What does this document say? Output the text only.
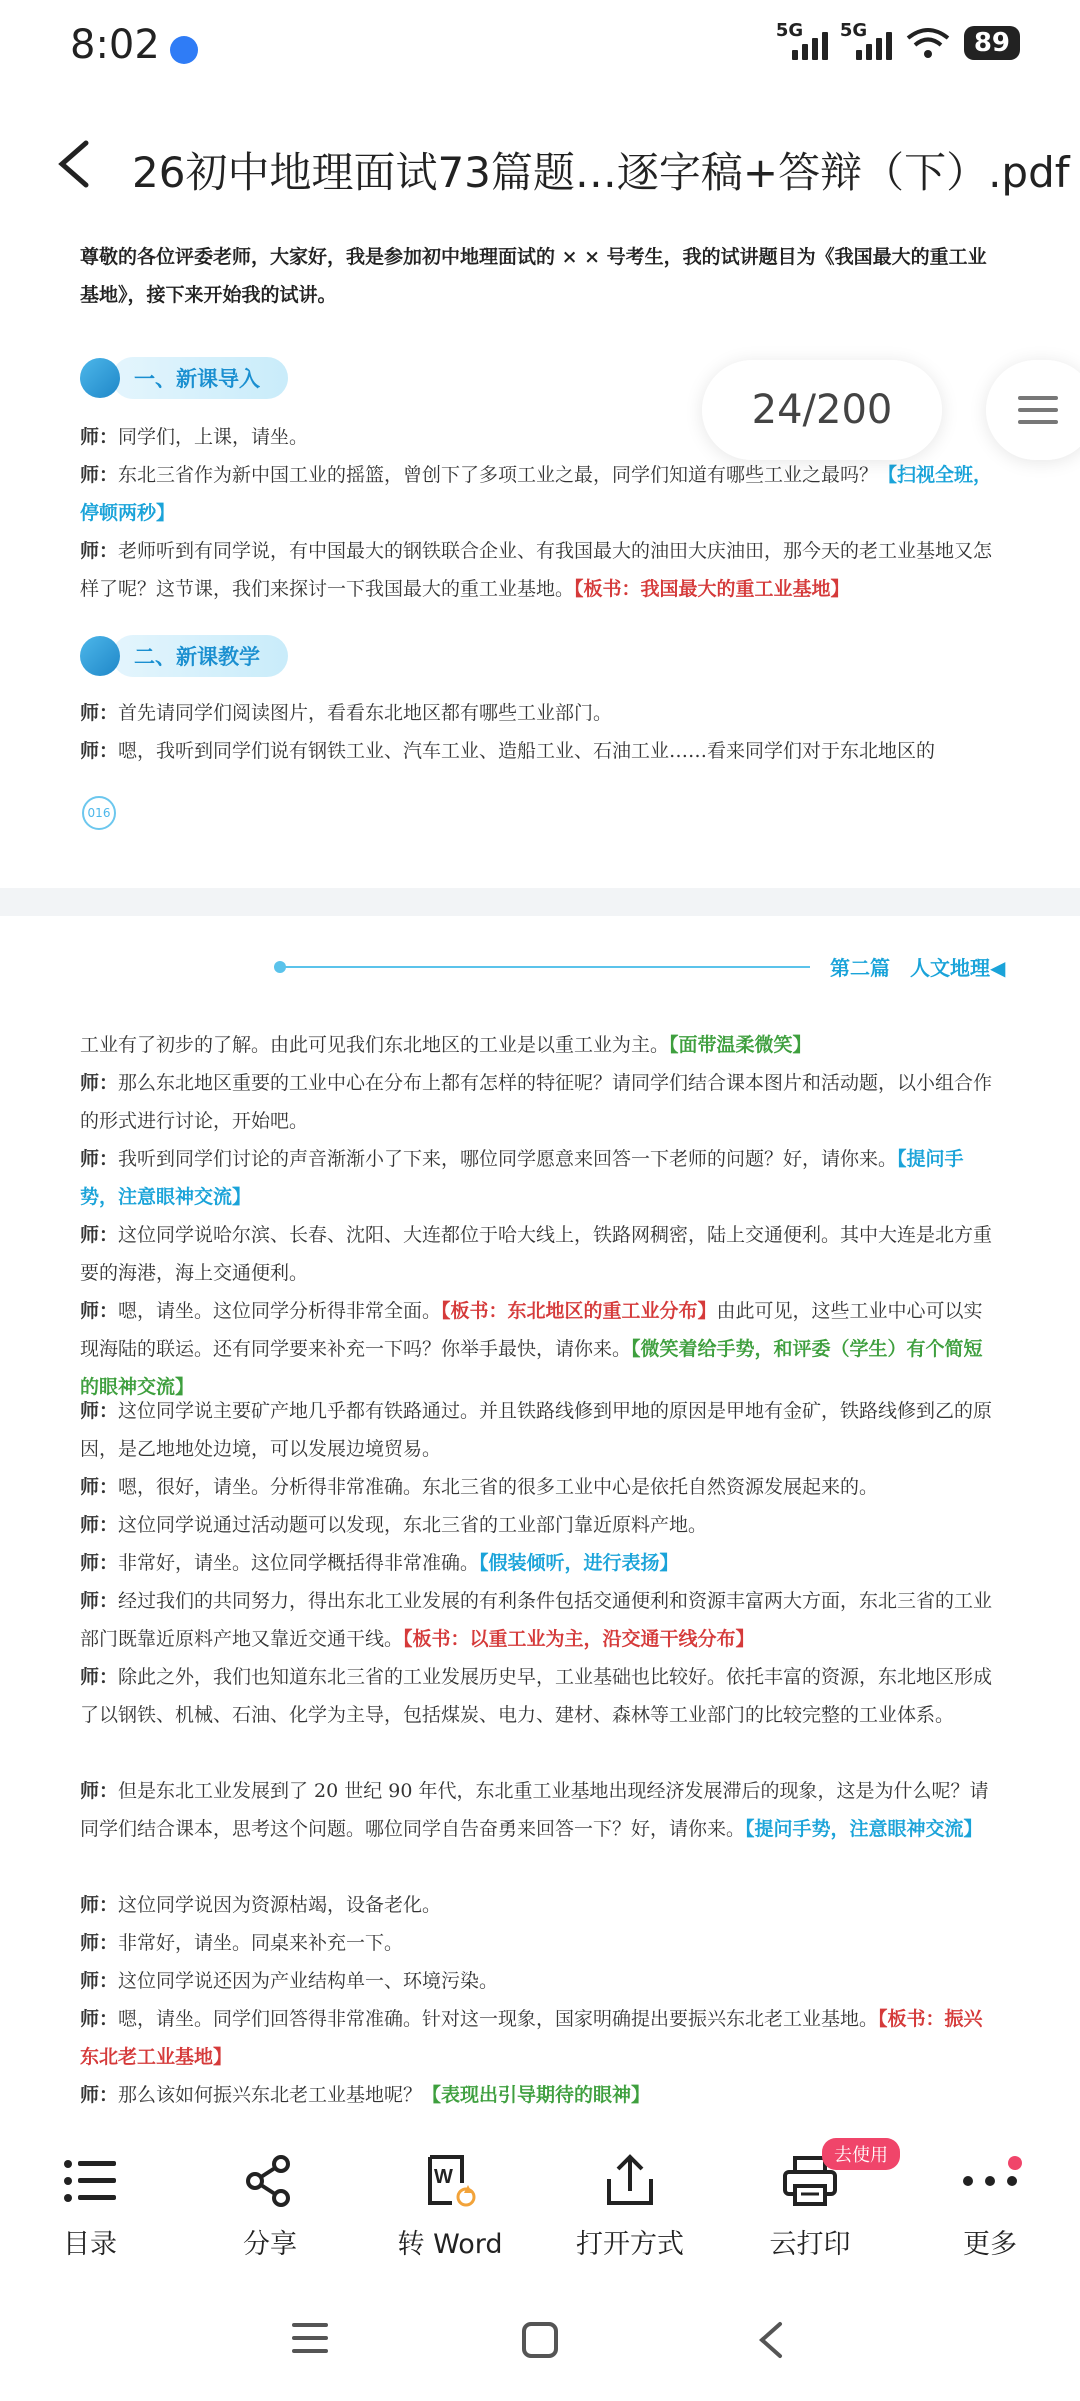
8:02	5G 5G	89
26初中地理面试73篇题…逐字稿+答辩（下）.pdf
尊敬的各位评委老师，大家好，我是参加初中地理面试的 × × 号考生，我的试讲题目为《我国最大的重工业基地》，接下来开始我的试讲。
一、新课导入
师：同学们，上课，请坐。
师：东北三省作为新中国工业的摇篮，曾创下了多项工业之最，同学们知道有哪些工业之最吗？【扫视全班，停顿两秒】
师：老师听到有同学说，有中国最大的钢铁联合企业、有我国最大的油田大庆油田，那今天的老工业基地又怎样了呢？这节课，我们来探讨一下我国最大的重工业基地。【板书：我国最大的重工业基地】
二、新课教学
师：首先请同学们阅读图片，看看东北地区都有哪些工业部门。
师：嗯，我听到同学们说有钢铁工业、汽车工业、造船工业、石油工业……看来同学们对于东北地区的
016
第二篇　人文地理◀
工业有了初步的了解。由此可见我们东北地区的工业是以重工业为主。【面带温柔微笑】
师：那么东北地区重要的工业中心在分布上都有怎样的特征呢？请同学们结合课本图片和活动题，以小组合作的形式进行讨论，开始吧。
师：我听到同学们讨论的声音渐渐小了下来，哪位同学愿意来回答一下老师的问题？好，请你来。【提问手势，注意眼神交流】
师：这位同学说哈尔滨、长春、沈阳、大连都位于哈大线上，铁路网稠密，陆上交通便利。其中大连是北方重要的海港，海上交通便利。
师：嗯，请坐。这位同学分析得非常全面。【板书：东北地区的重工业分布】由此可见，这些工业中心可以实现海陆的联运。还有同学要来补充一下吗？你举手最快，请你来。【微笑着给手势，和评委（学生）有个简短的眼神交流】
师：这位同学说主要矿产地几乎都有铁路通过。并且铁路线修到甲地的原因是甲地有金矿，铁路线修到乙的原因，是乙地地处边境，可以发展边境贸易。
师：嗯，很好，请坐。分析得非常准确。东北三省的很多工业中心是依托自然资源发展起来的。
师：这位同学说通过活动题可以发现，东北三省的工业部门靠近原料产地。
师：非常好，请坐。这位同学概括得非常准确。【假装倾听，进行表扬】
师：经过我们的共同努力，得出东北工业发展的有利条件包括交通便利和资源丰富两大方面，东北三省的工业部门既靠近原料产地又靠近交通干线。【板书：以重工业为主，沿交通干线分布】
师：除此之外，我们也知道东北三省的工业发展历史早，工业基础也比较好。依托丰富的资源，东北地区形成了以钢铁、机械、石油、化学为主导，包括煤炭、电力、建材、森林等工业部门的比较完整的工业体系。
师：但是东北工业发展到了 20 世纪 90 年代，东北重工业基地出现经济发展滞后的现象，这是为什么呢？请同学们结合课本，思考这个问题。哪位同学自告奋勇来回答一下？好，请你来。【提问手势，注意眼神交流】
师：这位同学说因为资源枯竭，设备老化。
师：非常好，请坐。同桌来补充一下。
师：这位同学说还因为产业结构单一、环境污染。
师：嗯，请坐。同学们回答得非常准确。针对这一现象，国家明确提出要振兴东北老工业基地。【板书：振兴东北老工业基地】
师：那么该如何振兴东北老工业基地呢？【表现出引导期待的眼神】
24/200
目录	分享
W
转 Word	打开方式	云打印
去使用
更多
